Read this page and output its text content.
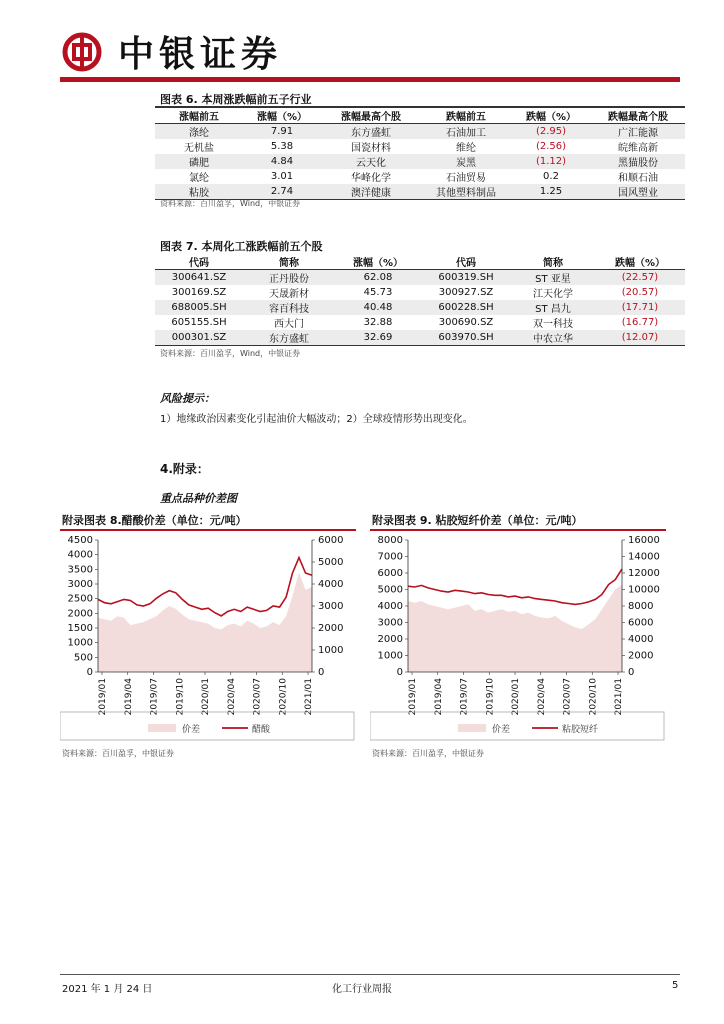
中银证券
图表 6. 本周涨跌幅前五子行业
涨幅前五	涨幅（%）	涨幅最高个股	跌幅前五	跌幅（%）	跌幅最高个股
涤纶	7.91	东方盛虹	石油加工	(2.95)	广汇能源
无机盐	5.38	国瓷材料	维纶	(2.56)	皖维高新
磷肥	4.84	云天化	炭黑	(1.12)	黑猫股份
氯纶	3.01	华峰化学	石油贸易	0.2	和顺石油
粘胶	2.74	澳洋健康	其他塑料制品	1.25	国风塑业
资料来源：百川盈孚，Wind，中银证券
图表 7. 本周化工涨跌幅前五个股
代码	简称	涨幅（%）	代码	简称	跌幅（%）
300641.SZ	正丹股份	62.08	600319.SH	ST 亚星	(22.57)
300169.SZ	天晟新材	45.73	300927.SZ	江天化学	(20.57)
688005.SH	容百科技	40.48	600228.SH	ST 昌九	(17.71)
605155.SH	西大门	32.88	300690.SZ	双一科技	(16.77)
000301.SZ	东方盛虹	32.69	603970.SH	中农立华	(12.07)
资料来源：百川盈孚，Wind，中银证券
风险提示：
1）地缘政治因素变化引起油价大幅波动；2）全球疫情形势出现变化。
4.附录：
重点品种价差图
附录图表 8.醋酸价差（单位：元/吨）
4500
4000
3500
3000
2500
2000
1500
1000
500
0
6000
5000
4000
3000
2000
1000
0
2019/01 2019/04 2019/07 2019/10 2020/01 2020/04 2020/07 2020/10 2021/01
价差	醋酸
资料来源：百川盈孚，中银证券
附录图表 9. 粘胶短纤价差（单位：元/吨）
8000
7000
6000
5000
4000
3000
2000
1000
0
16000
14000
12000
10000
8000
6000
4000
2000
0
2019/01 2019/04 2019/07 2019/10 2020/01 2020/04 2020/07 2020/10 2021/01
价差	粘胶短纤
资料来源：百川盈孚，中银证券
2021 年 1 月 24 日	化工行业周报	5
